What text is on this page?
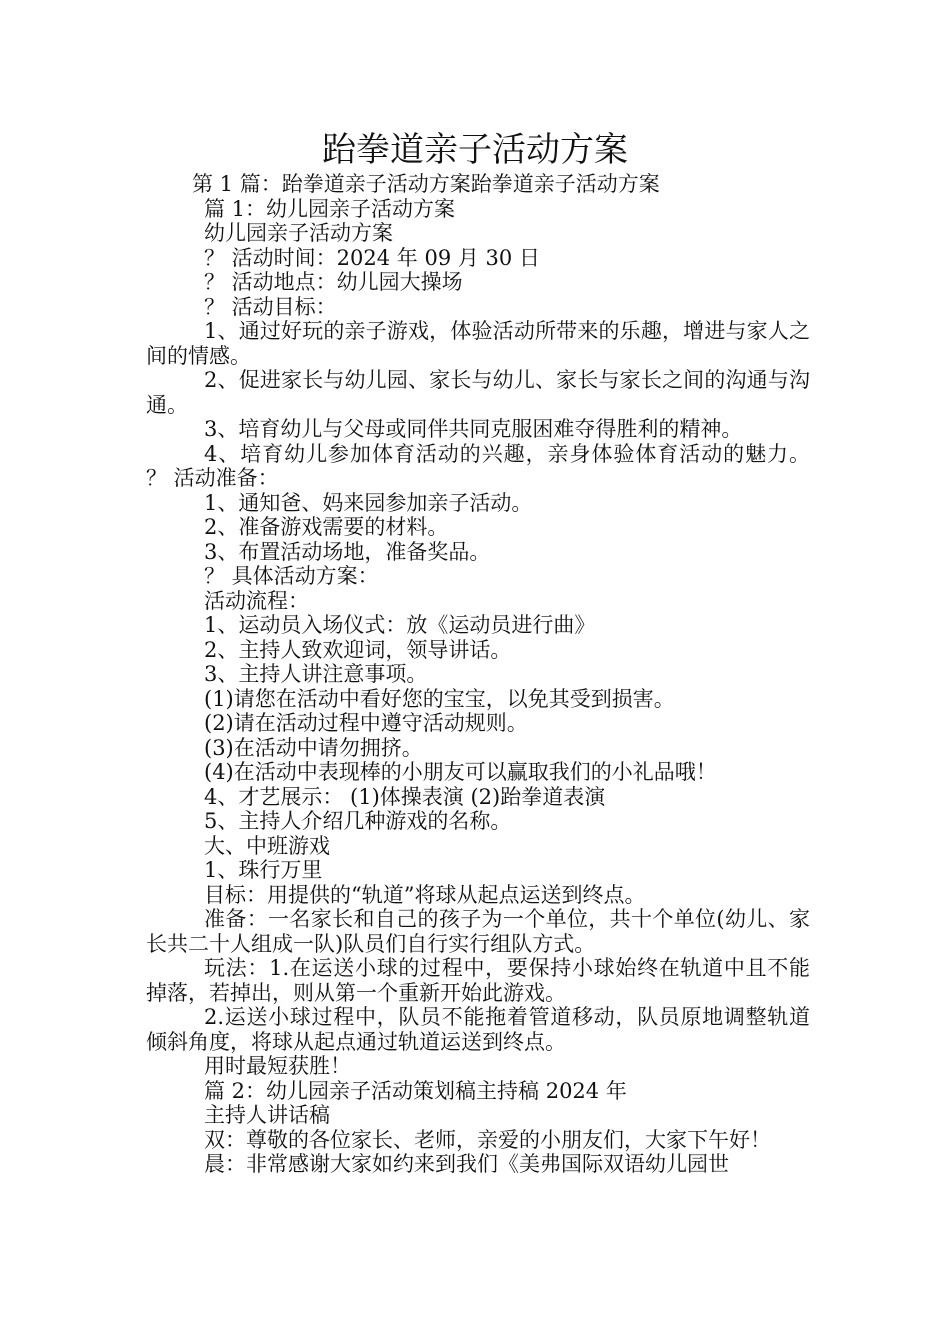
跆拳道亲子活动方案

第 1 篇：跆拳道亲子活动方案跆拳道亲子活动方案

篇 1：幼儿园亲子活动方案

幼儿园亲子活动方案

？ 活动时间：2024 年 09 月 30 日

？ 活动地点：幼儿园大操场

？ 活动目标：

1、通过好玩的亲子游戏，体验活动所带来的乐趣，增进与家人之间的情感。

2、促进家长与幼儿园、家长与幼儿、家长与家长之间的沟通与沟通。

3、培育幼儿与父母或同伴共同克服困难夺得胜利的精神。

4、培育幼儿参加体育活动的兴趣，亲身体验体育活动的魅力。 ？ 活动准备：

1、通知爸、妈来园参加亲子活动。

2、准备游戏需要的材料。

3、布置活动场地，准备奖品。

？ 具体活动方案：

活动流程：

1、运动员入场仪式：放《运动员进行曲》

2、主持人致欢迎词，领导讲话。

3、主持人讲注意事项。

(1)请您在活动中看好您的宝宝，以免其受到损害。

(2)请在活动过程中遵守活动规则。

(3)在活动中请勿拥挤。

(4)在活动中表现棒的小朋友可以赢取我们的小礼品哦！

4、才艺展示： (1)体操表演 (2)跆拳道表演

5、主持人介绍几种游戏的名称。

大、中班游戏

1、珠行万里

目标：用提供的“轨道”将球从起点运送到终点。

准备：一名家长和自己的孩子为一个单位，共十个单位(幼儿、家长共二十人组成一队)队员们自行实行组队方式。

玩法：1.在运送小球的过程中，要保持小球始终在轨道中且不能掉落，若掉出，则从第一个重新开始此游戏。

2.运送小球过程中，队员不能拖着管道移动，队员原地调整轨道倾斜角度，将球从起点通过轨道运送到终点。

用时最短获胜！

篇 2：幼儿园亲子活动策划稿主持稿 2024 年

主持人讲话稿

双：尊敬的各位家长、老师，亲爱的小朋友们，大家下午好！

晨：非常感谢大家如约来到我们《美弗国际双语幼儿园世
